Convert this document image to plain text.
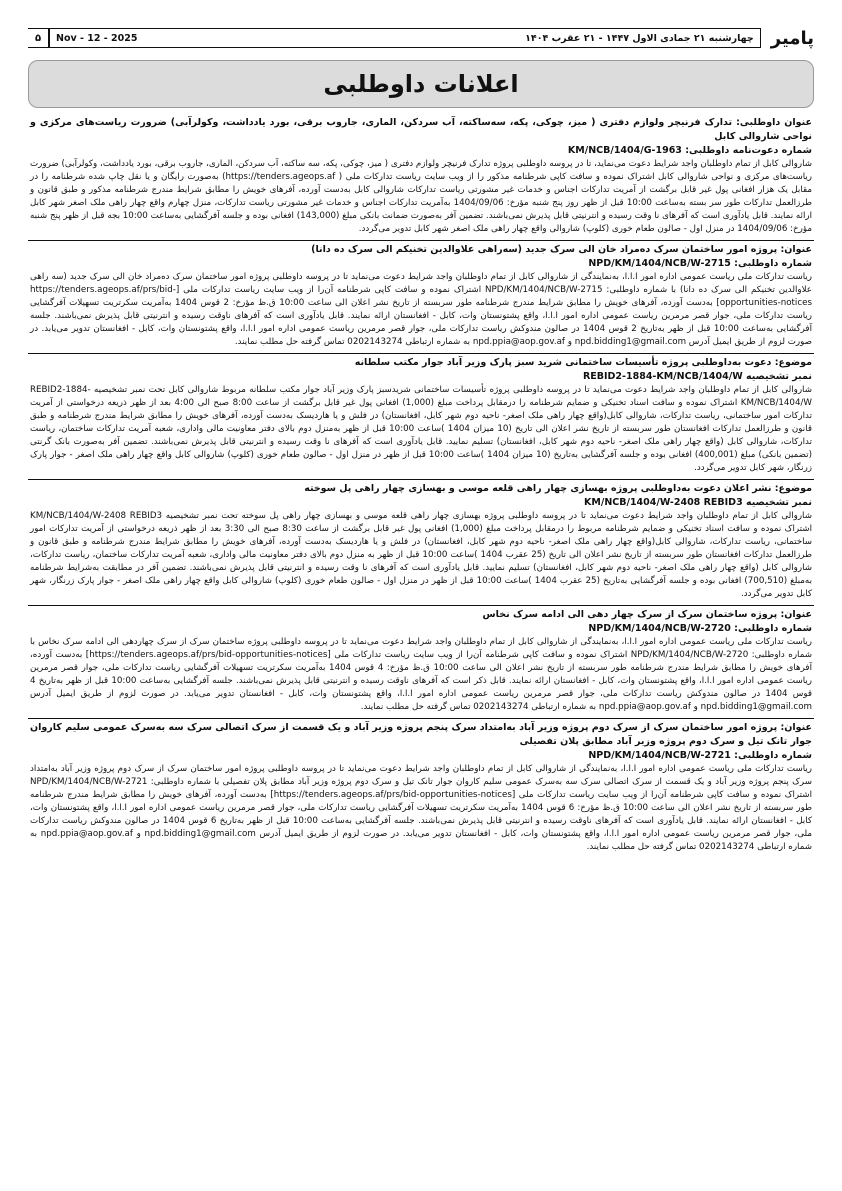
پامیر
چهارشنبه ۲۱ جمادی الاول ۱۴۴۷ - ۲۱ عقرب ۱۴۰۴
Nov - 12 - 2025
۵
اعلانات داوطلبی

عنوان داوطلبی: تدارک فرنیچر ولوازم دفتری ( میز، چوکی، پکه، سه‌ساکته، آب سردکن، الماری، جاروب برقی، بورد یادداشت، وکولرآبی) ضرورت ریاست‌های مرکزی و نواحی شاروالی کابل

شماره دعوت‌نامه داوطلبی: KM/NCB/1404/G-1963

شاروالی کابل از تمام داوطلبان واجد شرایط دعوت می‌نماید، تا در پروسه داوطلبی پروژه تدارک فرنیچر ولوازم دفتری ( میز، چوکی، پکه، سه ساکته، آب سردکن، الماری، جاروب برقی، بورد یادداشت، وکولرآبی) ضرورت ریاست‌های مرکزی و نواحی شاروالی کابل اشتراک نموده و سافت کاپی شرطنامه مذکور را از ویب سایت ریاست تدارکات ملی ( https://tenders.ageops.af) به‌صورت رایگان و یا نقل چاپ شده شرطنامه را در مقابل یک هزار افغانی پول غیر قابل برگشت از آمریت تدارکات اجناس و خدمات غیر مشورتی ریاست تدارکات شاروالی کابل به‌دست آورده، آفرهای خویش را مطابق شرایط مندرج شرطنامه مذکور و طبق قانون و طرزالعمل تدارکات طور سر بسته به‌ساعت 10:00 قبل از ظهر روز پنج شنبه مؤرخ: 1404/09/06 به‌آمریت تدارکات اجناس و خدمات غیر مشورتی ریاست تدارکات، منزل چهارم واقع چهار راهی ملک اصغر شهر کابل ارائه نمایند. قابل یادآوری است که آفرهای نا وقت رسیده و انترنیتی قابل پذیرش نمی‌باشند. تضمین آفر به‌صورت ضمانت بانکی مبلغ (143,000) افغانی بوده و جلسه آفرگشایی به‌ساعت 10:00 بجه قبل از ظهر پنج شنبه مؤرخ: 1404/09/06 در منزل اول - صالون طعام خوری (کلوپ) شاروالی واقع چهار راهی ملک اصغر شهر کابل تدویر می‌گردد.

عنوان: پروژه امور ساختمان سرک ده‌مراد خان الی سرک جدید (سه‌راهی علاوالدین تخنیکم الی سرک ده دانا)

شماره داوطلبی: NPD/KM/1404/NCB/W-2715

ریاست تدارکات ملی ریاست عمومی اداره امور ا.ا.ا، به‌نمایندگی از شاروالی کابل از تمام داوطلبان واجد شرایط دعوت می‌نماید تا در پروسه داوطلبی پروژه امور ساختمان سرک ده‌مراد خان الی سرک جدید (سه راهی علاوالدین تخنیکم الی سرک ده دانا) با شماره داوطلبی: NPD/KM/1404/NCB/W-2715 اشتراک نموده و سافت کاپی شرطنامه آن‌را از ویب سایت ریاست تدارکات ملی [https://tenders.ageops.af/prs/bid-opportunities-notices] به‌دست آورده، آفرهای خویش را مطابق شرایط مندرج شرطنامه طور سربسته از تاریخ نشر اعلان الی ساعت 10:00 ق.ظ مؤرخ: 2 قوس 1404 به‌آمریت سکرتریت تسهیلات آفرگشایی ریاست تدارکات ملی، جوار قصر مرمرین ریاست عمومی اداره امور ا.ا.ا، واقع پشتونستان وات، کابل - افغانستان ارائه نمایند. قابل یادآوری است که آفرهای ناوقت رسیده و انترنیتی قابل پذیرش نمی‌باشند. جلسه آفرگشایی به‌ساعت 10:00 قبل از ظهر به‌تاریخ 2 قوس 1404 در صالون مندوکش ریاست تدارکات ملی، جوار قصر مرمرین ریاست عمومی اداره امور ا.ا.ا، واقع پشتونستان وات، کابل - افغانستان تدویر می‌یابد. در صورت لزوم از طریق ایمیل آدرس npd.bidding1@gmail.com و npd.ppia@aop.gov.af به شماره ارتباطی 0202143274 تماس گرفته حل مطلب نمایند.

موضوع: دعوت به‌داوطلبی پروژه تأسیسات ساختمانی شرید سبز پارک وزیر آباد جوار مکتب سلطانه

نمبر تشخیصیه REBID2-1884-KM/NCB/1404/W

شاروالی کابل از تمام داوطلبان واجد شرایط دعوت می‌نماید تا در پروسه داوطلبی پروژه تأسیسات ساختمانی شریدسبز پارک وزیر آباد جوار مکتب سلطانه مربوط شاروالی کابل تحت نمبر تشخیصیه REBID2-1884-KM/NCB/1404/W اشتراک نموده و سافت اسناد تخنیکی و ضمایم شرطنامه را درمقابل پرداخت مبلغ (1,000) افغانی پول غیر قابل برگشت از ساعت 8:00 صبح الی 4:00 بعد از ظهر ذریعه درخواستی از آمریت تدارکات امور ساختمانی، ریاست تدارکات، شاروالی کابل(واقع چهار راهی ملک اصغر- ناحیه دوم شهر کابل، افغانستان) در فلش و یا هاردیسک به‌دست آورده، آفرهای خویش را مطابق شرایط مندرج شرطنامه و طبق قانون و طرزالعمل تدارکات افغانستان طور سربسته از تاریخ نشر اعلان الی تاریخ (10 میزان 1404 )ساعت 10:00 قبل از ظهر به‌منزل دوم بالای دفتر معاونیت مالی واداری، شعبه آمریت تدارکات ساختمان، ریاست تدارکات، شاروالی کابل (واقع چهار راهی ملک اصغر- ناحیه دوم شهر کابل، افغانستان) تسلیم نمایید. قابل یادآوری است که آفرهای نا وقت رسیده و انترنیتی قابل پذیرش نمی‌باشند. تضمین آفر به‌صورت بانک گرنتی (تضمین بانکی) مبلغ (400,001) افغانی بوده و جلسه آفرگشایی به‌تاریخ (10 میزان 1404 )ساعت 10:00 قبل از ظهر در منزل اول - صالون طعام خوری (کلوپ) شاروالی کابل واقع چهار راهی ملک اصغر - جوار پارک زرنگار، شهر کابل تدویر می‌گردد.

موضوع: نشر اعلان دعوت به‌داوطلبی پروژه بهسازی چهار راهی قلعه موسی و بهسازی چهار راهی پل سوخته

نمبر تشخیصیه KM/NCB/1404/W-2408 REBID3

شاروالی کابل از تمام داوطلبان واجد شرایط دعوت می‌نماید تا در پروسه داوطلبی پروژه بهسازی چهار راهی قلعه موسی و بهسازی چهار راهی پل سوخته تحت نمبر تشخیصیه KM/NCB/1404/W-2408 REBID3 اشتراک نموده و سافت اسناد تخنیکی و ضمایم شرطنامه مربوط را درمقابل پرداخت مبلغ (1,000) افغانی پول غیر قابل برگشت از ساعت 8:30 صبح الی 3:30 بعد از ظهر ذریعه درخواستی از آمریت تدارکات امور ساختمانی، ریاست تدارکات، شاروالی کابل(واقع چهار راهی ملک اصغر- ناحیه دوم شهر کابل، افغانستان) در فلش و یا هاردیسک به‌دست آورده، آفرهای خویش را مطابق شرایط مندرج شرطنامه و طبق قانون و طرزالعمل تدارکات افغانستان طور سربسته از تاریخ نشر اعلان الی تاریخ (25 عقرب 1404 )ساعت 10:00 قبل از ظهر به منزل دوم بالای دفتر معاونیت مالی واداری، شعبه آمریت تدارکات ساختمان، ریاست تدارکات، شاروالی کابل (واقع چهار راهی ملک اصغر- ناحیه دوم شهر کابل، افغانستان) تسلیم نمایید. قابل یادآوری است که آفرهای نا وقت رسیده و انترنیتی قابل پذیرش نمی‌باشند. تضمین آفر در مطابقت به‌شرایط شرطنامه به‌مبلغ (700,510) افغانی بوده و جلسه آفرگشایی به‌تاریخ (25 عقرب 1404 )ساعت 10:00 قبل از ظهر در منزل اول - صالون طعام خوری (کلوپ) شاروالی کابل واقع چهار راهی ملک اصغر - جوار پارک زرنگار، شهر کابل تدویر می‌گردد.

عنوان: پروژه ساختمان سرک از سرک چهار دهی الی ادامه سرک نخاس

شماره داوطلبی: NPD/KM/1404/NCB/W-2720

ریاست تدارکات ملی ریاست عمومی اداره امور ا.ا.ا، به‌نمایندگی از شاروالی کابل از تمام داوطلبان واجد شرایط دعوت می‌نماید تا در پروسه داوطلبی پروژه ساختمان سرک از سرک چهاردهی الی ادامه سرک نخاس با شماره داوطلبی: NPD/KM/1404/NCB/W-2720 اشتراک نموده و سافت کاپی شرطنامه آن‌را از ویب سایت ریاست تدارکات ملی [https://tenders.ageops.af/prs/bid-opportunities-notices] به‌دست آورده، آفرهای خویش را مطابق شرایط مندرج شرطنامه طور سربسته از تاریخ نشر اعلان الی ساعت 10:00 ق.ظ مؤرخ: 4 قوس 1404 به‌آمریت سکرتریت تسهیلات آفرگشایی ریاست تدارکات ملی، جوار قصر مرمرین ریاست عمومی اداره امور ا.ا.ا، واقع پشتونستان وات، کابل - افغانستان ارائه نمایند. قابل ذکر است که آفرهای ناوقت رسیده و انترنیتی قابل پذیرش نمی‌باشند. جلسه آفرگشایی به‌ساعت 10:00 قبل از ظهر به‌تاریخ 4 قوس 1404 در صالون مندوکش ریاست تدارکات ملی، جوار قصر مرمرین ریاست عمومی اداره امور ا.ا.ا، واقع پشتونستان وات، کابل - افغانستان تدویر می‌یابد. در صورت لزوم از طریق ایمیل آدرس npd.bidding1@gmail.com و npd.ppia@aop.gov.af به شماره ارتباطی 0202143274 تماس گرفته حل مطلب نمایند.

عنوان: پروژه امور ساختمان سرک از سرک دوم پروژه وزیر آباد به‌امتداد سرک پنجم پروژه وزیر آباد و یک قسمت از سرک اتصالی سرک سه به‌سرک عمومی سلیم کاروان جوار تانک تیل و سرک دوم پروژه وزیر آباد مطابق پلان تفصیلی

شماره داوطلبی: NPD/KM/1404/NCB/W-2721

ریاست تدارکات ملی ریاست عمومی اداره امور ا.ا.ا، به‌نمایندگی از شاروالی کابل از تمام داوطلبان واجد شرایط دعوت می‌نماید تا در پروسه داوطلبی پروژه امور ساختمان سرک از سرک دوم پروژه وزیر آباد به‌امتداد سرک پنجم پروژه وزیر آباد و یک قسمت از سرک اتصالی سرک سه به‌سرک عمومی سلیم کاروان جوار تانک تیل و سرک دوم پروژه وزیر آباد مطابق پلان تفصیلی با شماره داوطلبی: NPD/KM/1404/NCB/W-2721 اشتراک نموده و سافت کاپی شرطنامه آن‌را از ویب سایت ریاست تدارکات ملی [https://tenders.ageops.af/prs/bid-opportunities-notices] به‌دست آورده، آفرهای خویش را مطابق شرایط مندرج شرطنامه طور سربسته از تاریخ نشر اعلان الی ساعت 10:00 ق.ظ مؤرخ: 6 قوس 1404 به‌آمریت سکرتریت تسهیلات آفرگشایی ریاست تدارکات ملی، جوار قصر مرمرین ریاست عمومی اداره امور ا.ا.ا، واقع پشتونستان وات، کابل - افغانستان ارائه نمایند. قابل یادآوری است که آفرهای ناوقت رسیده و انترنیتی قابل پذیرش نمی‌باشند. جلسه آفرگشایی به‌ساعت 10:00 قبل از ظهر به‌تاریخ 6 قوس 1404 در صالون مندوکش ریاست تدارکات ملی، جوار قصر مرمرین ریاست عمومی اداره امور ا.ا.ا، واقع پشتونستان وات، کابل - افغانستان تدویر می‌یابد. در صورت لزوم از طریق ایمیل آدرس npd.bidding1@gmail.com و npd.ppia@aop.gov.af به شماره ارتباطی 0202143274 تماس گرفته حل مطلب نمایند.
